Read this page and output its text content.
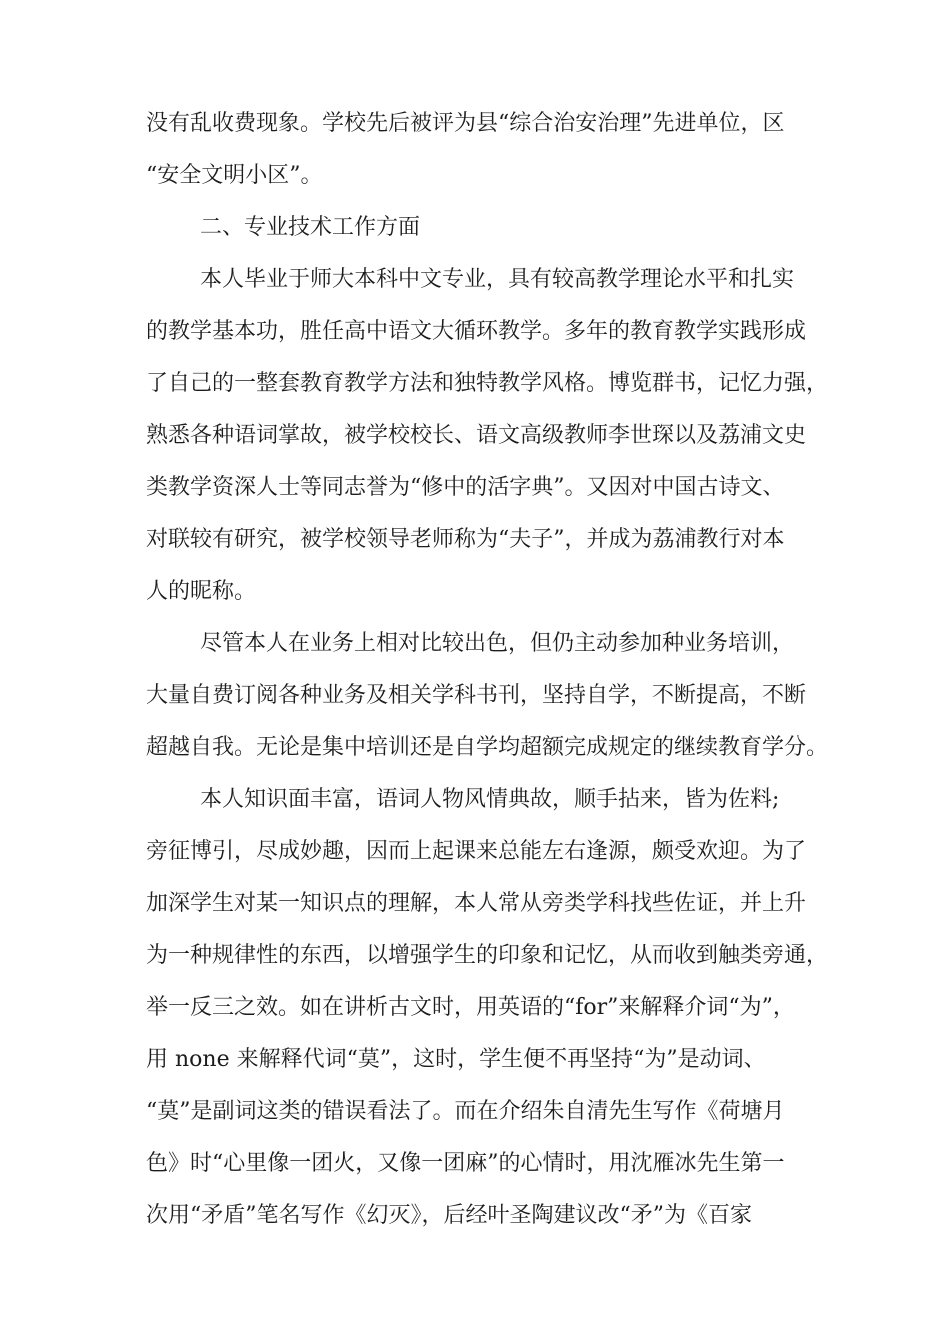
没有乱收费现象。学校先后被评为县“综合治安治理”先进单位，区
“安全文明小区”。
二、专业技术工作方面
本人毕业于师大本科中文专业，具有较高教学理论水平和扎实
的教学基本功，胜任高中语文大循环教学。多年的教育教学实践形成
了自己的一整套教育教学方法和独特教学风格。博览群书，记忆力强，
熟悉各种语词掌故，被学校校长、语文高级教师李世琛以及荔浦文史
类教学资深人士等同志誉为“修中的活字典”。又因对中国古诗文、
对联较有研究，被学校领导老师称为“夫子”，并成为荔浦教行对本
人的昵称。
尽管本人在业务上相对比较出色，但仍主动参加种业务培训，
大量自费订阅各种业务及相关学科书刊，坚持自学，不断提高，不断
超越自我。无论是集中培训还是自学均超额完成规定的继续教育学分。
本人知识面丰富，语词人物风情典故，顺手拈来，皆为佐料;
旁征博引，尽成妙趣，因而上起课来总能左右逢源，颇受欢迎。为了
加深学生对某一知识点的理解，本人常从旁类学科找些佐证，并上升
为一种规律性的东西，以增强学生的印象和记忆，从而收到触类旁通，
举一反三之效。如在讲析古文时，用英语的“for”来解释介词“为”，
用 none 来解释代词“莫”，这时，学生便不再坚持“为”是动词、
“莫”是副词这类的错误看法了。而在介绍朱自清先生写作《荷塘月
色》时“心里像一团火，又像一团麻”的心情时，用沈雁冰先生第一
次用“矛盾”笔名写作《幻灭》，后经叶圣陶建议改“矛”为《百家
